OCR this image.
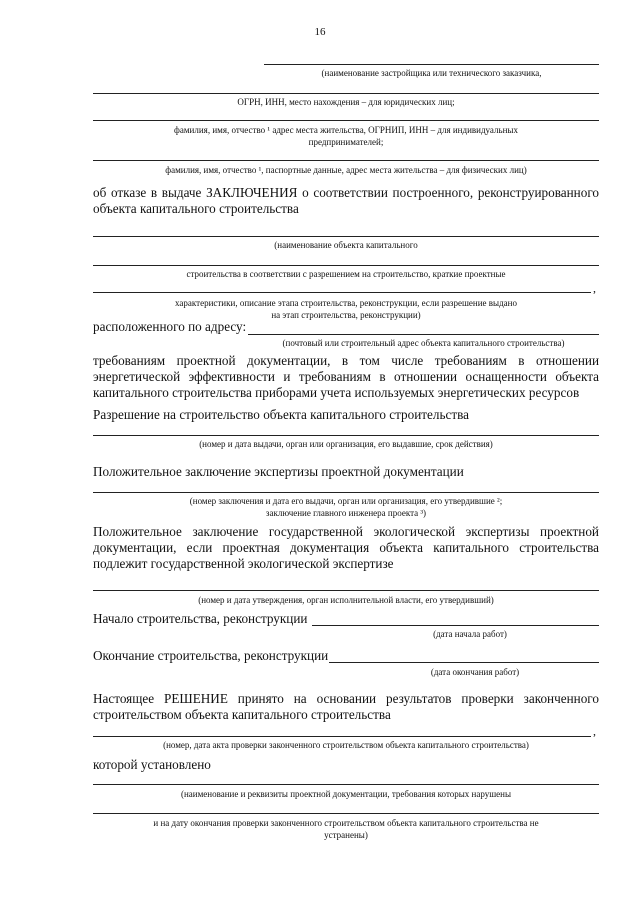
16
(наименование застройщика или технического заказчика,
ОГРН, ИНН, место нахождения – для юридических лиц;
фамилия, имя, отчество ¹ адрес места жительства, ОГРНИП, ИНН – для индивидуальных
предпринимателей;
фамилия, имя, отчество ¹, паспортные данные, адрес места жительства – для физических лиц)
об отказе в выдаче ЗАКЛЮЧЕНИЯ о соответствии построенного, реконструированного объекта капитального строительства
(наименование объекта капитального
строительства в соответствии с разрешением на строительство, краткие проектные
,
характеристики, описание этапа строительства, реконструкции, если разрешение выдано
на этап строительства, реконструкции)
расположенного по адресу:
(почтовый или строительный адрес объекта капитального строительства)
требованиям проектной документации, в том числе требованиям в отношении энергетической эффективности и требованиям в отношении оснащенности объекта капитального строительства приборами учета используемых энергетических ресурсов
Разрешение на строительство объекта капитального строительства
(номер и дата выдачи, орган или организация, его выдавшие, срок действия)
Положительное заключение экспертизы проектной документации
(номер заключения и дата его выдачи, орган или организация, его утвердившие ²;
заключение главного инженера проекта ³)
Положительное заключение государственной экологической экспертизы проектной документации, если проектная документация объекта капитального строительства подлежит государственной экологической экспертизе
(номер и дата утверждения, орган исполнительной власти, его утвердивший)
Начало строительства, реконструкции
(дата начала работ)
Окончание строительства, реконструкции
(дата окончания работ)
Настоящее РЕШЕНИЕ принято на основании результатов проверки законченного строительством объекта капитального строительства
,
(номер, дата акта проверки законченного строительством объекта капитального строительства)
которой установлено
(наименование и реквизиты проектной документации, требования которых нарушены
и на дату окончания проверки законченного строительством объекта капитального строительства не
устранены)
